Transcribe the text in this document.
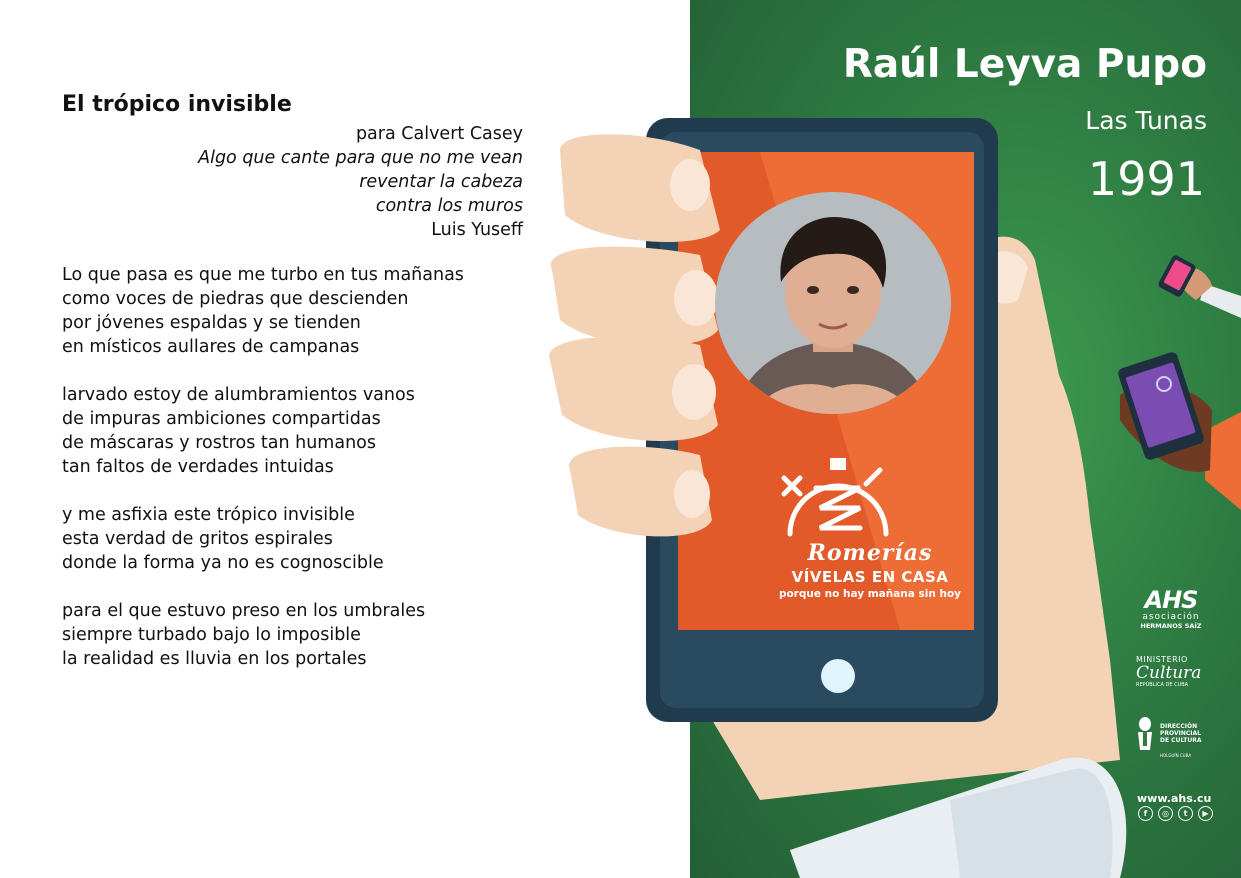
El trópico invisible
para Calvert Casey
Algo que cante para que no me vean
reventar la cabeza
contra los muros
Luis Yuseff
Lo que pasa es que me turbo en tus mañanas
como voces de piedras que descienden
por jóvenes espaldas y se tienden
en místicos aullares de campanas
larvado estoy de alumbramientos vanos
de impuras ambiciones compartidas
de máscaras y rostros tan humanos
tan faltos de verdades intuidas
y me asfixia este trópico invisible
esta verdad de gritos espirales
donde la forma ya no es cognoscible
para el que estuvo preso en los umbrales
siempre turbado bajo lo imposible
la realidad es lluvia en los portales
Raúl Leyva Pupo
Las Tunas
1991
Romerías
VÍVELAS EN CASA
porque no hay mañana sin hoy	AHS
asociación
HERMANOS SAÍZ
MINISTERIO
Cultura
REPÚBLICA DE CUBA
DIRECCIÓN
PROVINCIAL
DE CULTURA
HOLGUÍN CUBA
www.ahs.cu
f	◎	t	▶
